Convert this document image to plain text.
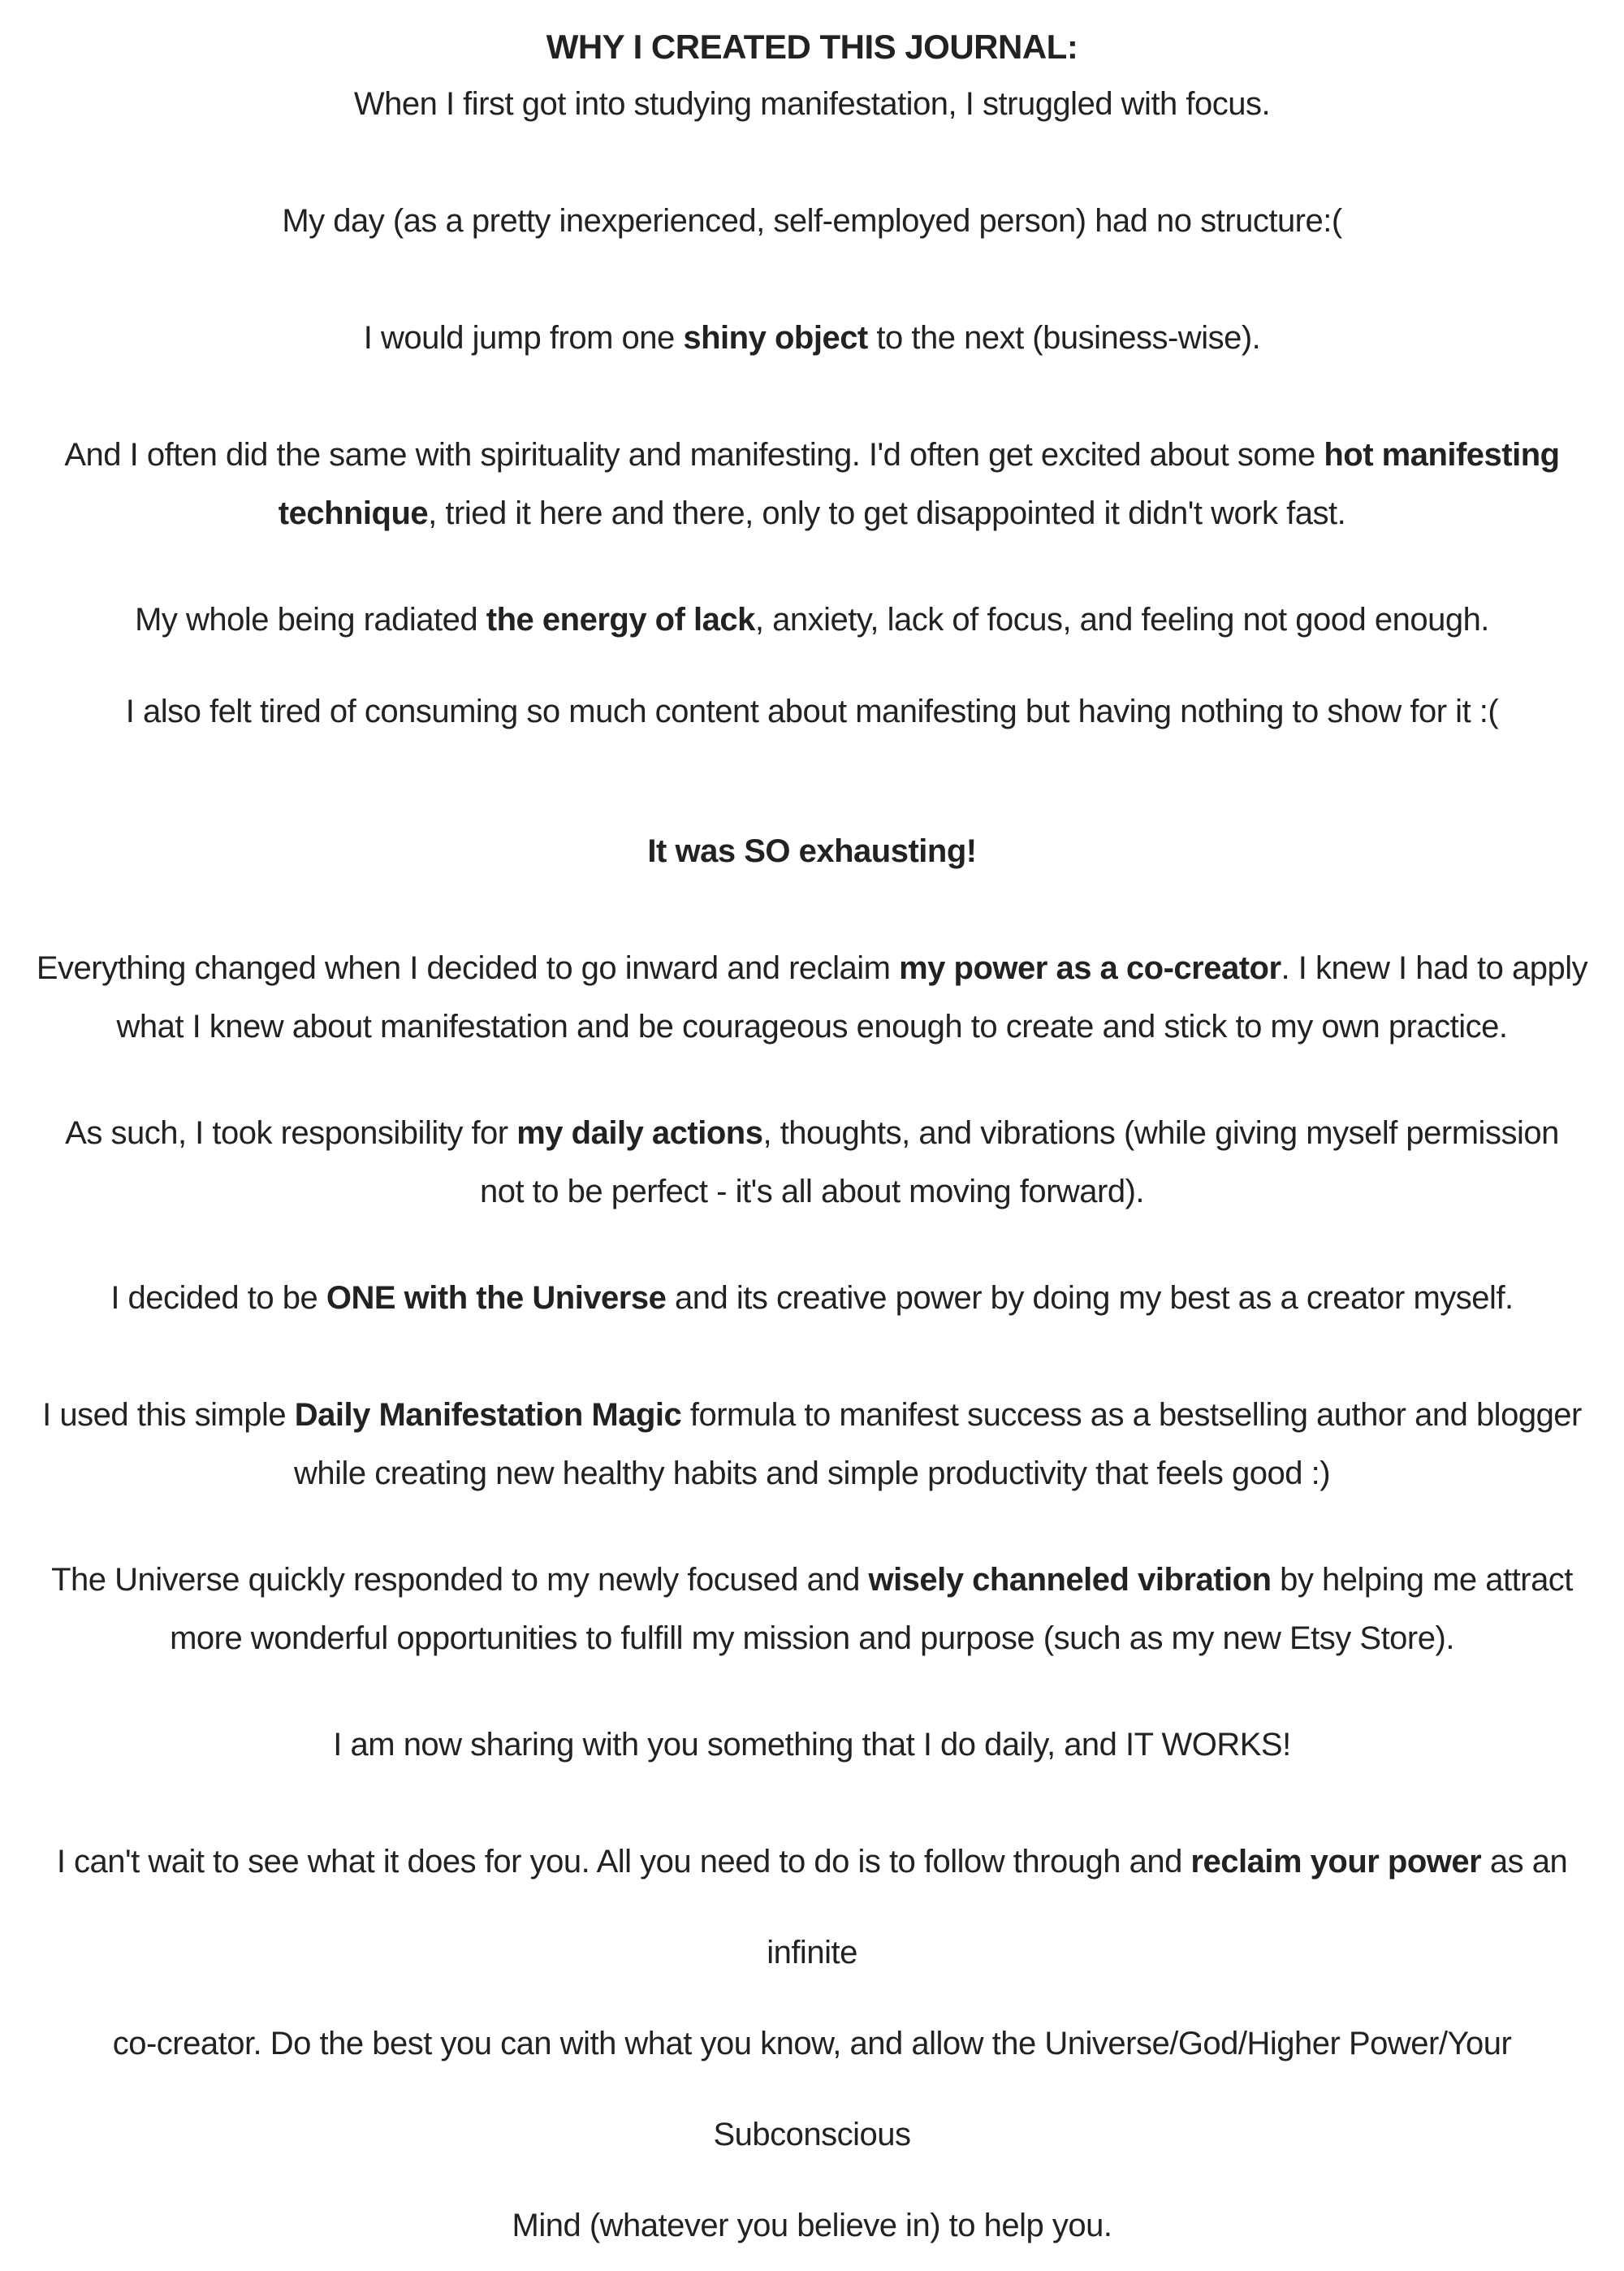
WHY I CREATED THIS JOURNAL:

When I first got into studying manifestation, I struggled with focus.

My day (as a pretty inexperienced, self-employed person) had no structure:(

I would jump from one shiny object to the next (business-wise).

And I often did the same with spirituality and manifesting. I'd often get excited about some hot manifesting
technique, tried it here and there, only to get disappointed it didn't work fast.

My whole being radiated the energy of lack, anxiety, lack of focus, and feeling not good enough.

I also felt tired of consuming so much content about manifesting but having nothing to show for it :(

It was SO exhausting!

Everything changed when I decided to go inward and reclaim my power as a co-creator. I knew I had to apply
what I knew about manifestation and be courageous enough to create and stick to my own practice.

As such, I took responsibility for my daily actions, thoughts, and vibrations (while giving myself permission
not to be perfect - it's all about moving forward).

I decided to be ONE with the Universe and its creative power by doing my best as a creator myself.

I used this simple Daily Manifestation Magic formula to manifest success as a bestselling author and blogger
while creating new healthy habits and simple productivity that feels good :)

The Universe quickly responded to my newly focused and wisely channeled vibration by helping me attract
more wonderful opportunities to fulfill my mission and purpose (such as my new Etsy Store).

I am now sharing with you something that I do daily, and IT WORKS!

I can't wait to see what it does for you. All you need to do is to follow through and reclaim your power as an infinite
co-creator. Do the best you can with what you know, and allow the Universe/God/Higher Power/Your Subconscious
Mind (whatever you believe in) to help you.
